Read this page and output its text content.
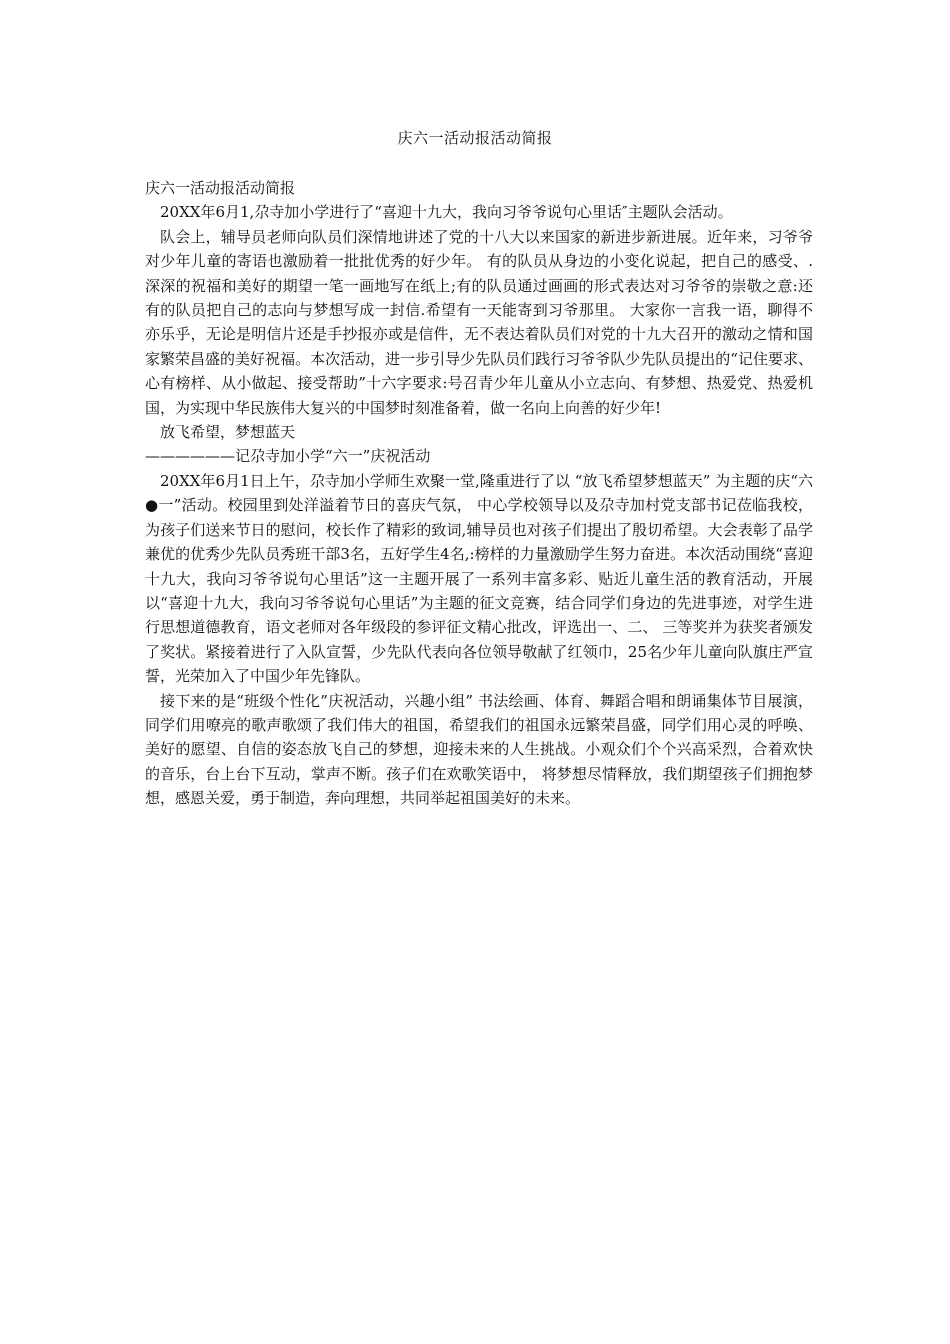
庆六一活动报活动简报

庆六一活动报活动简报

20XX年6月1,尕寺加小学进行了“喜迎十九大，我向习爷爷说句心里话″主题队会活动。

队会上，辅导员老师向队员们深情地讲述了党的十八大以来国家的新进步新进展。近年来，习爷爷对少年儿童的寄语也激励着一批批优秀的好少年。 有的队员从身边的小变化说起，把自己的感受、.深深的祝福和美好的期望一笔一画地写在纸上;有的队员通过画画的形式表达对习爷爷的崇敬之意:还有的队员把自己的志向与梦想写成一封信.希望有一天能寄到习爷那里。 大家你一言我一语，聊得不亦乐乎，无论是明信片还是手抄报亦或是信件，无不表达着队员们对党的十九大召开的激动之情和国家繁荣昌盛的美好祝福。本次活动，进一步引导少先队员们践行习爷爷队少先队员提出的“记住要求、心有榜样、从小做起、接受帮助”十六字要求:号召青少年儿童从小立志向、有梦想、热爱党、热爱机国，为实现中华民族伟大复兴的中国梦时刻准备着，做一名向上向善的好少年!

放飞希望，梦想蓝天

——————记尕寺加小学“六一”庆祝活动

20XX年6月1日上午，尕寺加小学师生欢聚一堂,隆重进行了以 “放飞希望梦想蓝天” 为主题的庆“六●一”活动。校园里到处洋溢着节日的喜庆气氛， 中心学校领导以及尕寺加村党支部书记莅临我校，为孩子们送来节日的慰问，校长作了精彩的致词,辅导员也对孩子们提出了殷切希望。大会表彰了品学兼优的优秀少先队员秀班干部3名，五好学生4名,:榜样的力量激励学生努力奋进。本次活动围绕“喜迎十九大，我向习爷爷说句心里话”这一主题开展了一系列丰富多彩、贴近儿童生活的教育活动，开展以“喜迎十九大，我向习爷爷说句心里话”为主题的征文竞赛，结合同学们身边的先进事迹，对学生进行思想道德教育，语文老师对各年级段的参评征文精心批改，评选出一、二、 三等奖并为获奖者颁发了奖状。紧接着进行了入队宣誓，少先队代表向各位领导敬献了红领巾，25名少年儿童向队旗庄严宣誓，光荣加入了中国少年先锋队。

接下来的是“班级个性化”庆祝活动，兴趣小组” 书法绘画、体育、舞蹈合唱和朗诵集体节目展演，同学们用嘹亮的歌声歌颂了我们伟大的祖国，希望我们的祖国永远繁荣昌盛，同学们用心灵的呼唤、美好的愿望、自信的姿态放飞自己的梦想，迎接未来的人生挑战。小观众们个个兴高采烈，合着欢快的音乐，台上台下互动，掌声不断。孩子们在欢歌笑语中， 将梦想尽情释放，我们期望孩子们拥抱梦想，感恩关爱，勇于制造，奔向理想，共同举起祖国美好的未来。
